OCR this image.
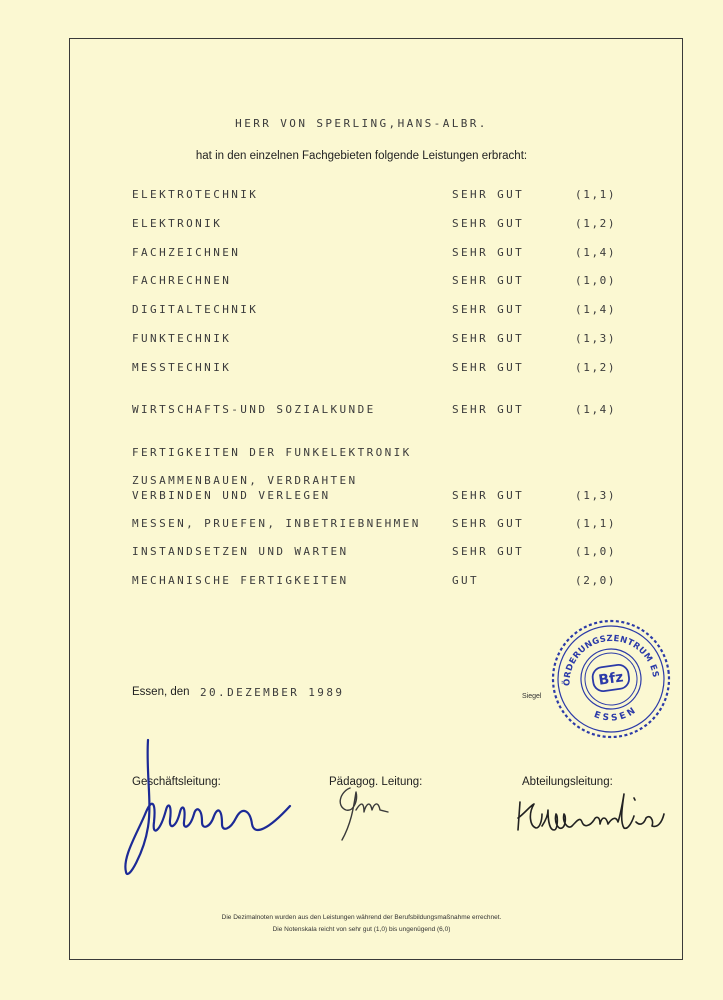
HERR VON SPERLING,HANS-ALBR.
hat in den einzelnen Fachgebieten folgende Leistungen erbracht:
ELEKTROTECHNIK	SEHR GUT	(1,1)
ELEKTRONIK	SEHR GUT	(1,2)
FACHZEICHNEN	SEHR GUT	(1,4)
FACHRECHNEN	SEHR GUT	(1,0)
DIGITALTECHNIK	SEHR GUT	(1,4)
FUNKTECHNIK	SEHR GUT	(1,3)
MESSTECHNIK	SEHR GUT	(1,2)
WIRTSCHAFTS-UND SOZIALKUNDE	SEHR GUT	(1,4)
FERTIGKEITEN DER FUNKELEKTRONIK
ZUSAMMENBAUEN, VERDRAHTEN
VERBINDEN UND VERLEGEN	SEHR GUT	(1,3)
MESSEN, PRUEFEN, INBETRIEBNEHMEN	SEHR GUT	(1,1)
INSTANDSETZEN UND WARTEN	SEHR GUT	(1,0)
MECHANISCHE FERTIGKEITEN	GUT	(2,0)
Essen, den 20.DEZEMBER 1989	Siegel
BERUFSFÖRDERUNGSZENTRUM ESSEN
ESSEN
Bfz
Geschäftsleitung:	Pädagog. Leitung:	Abteilungsleitung:
Die Dezimalnoten wurden aus den Leistungen während der Berufsbildungsmaßnahme errechnet.
Die Notenskala reicht von sehr gut (1,0) bis ungenügend (6,0)
